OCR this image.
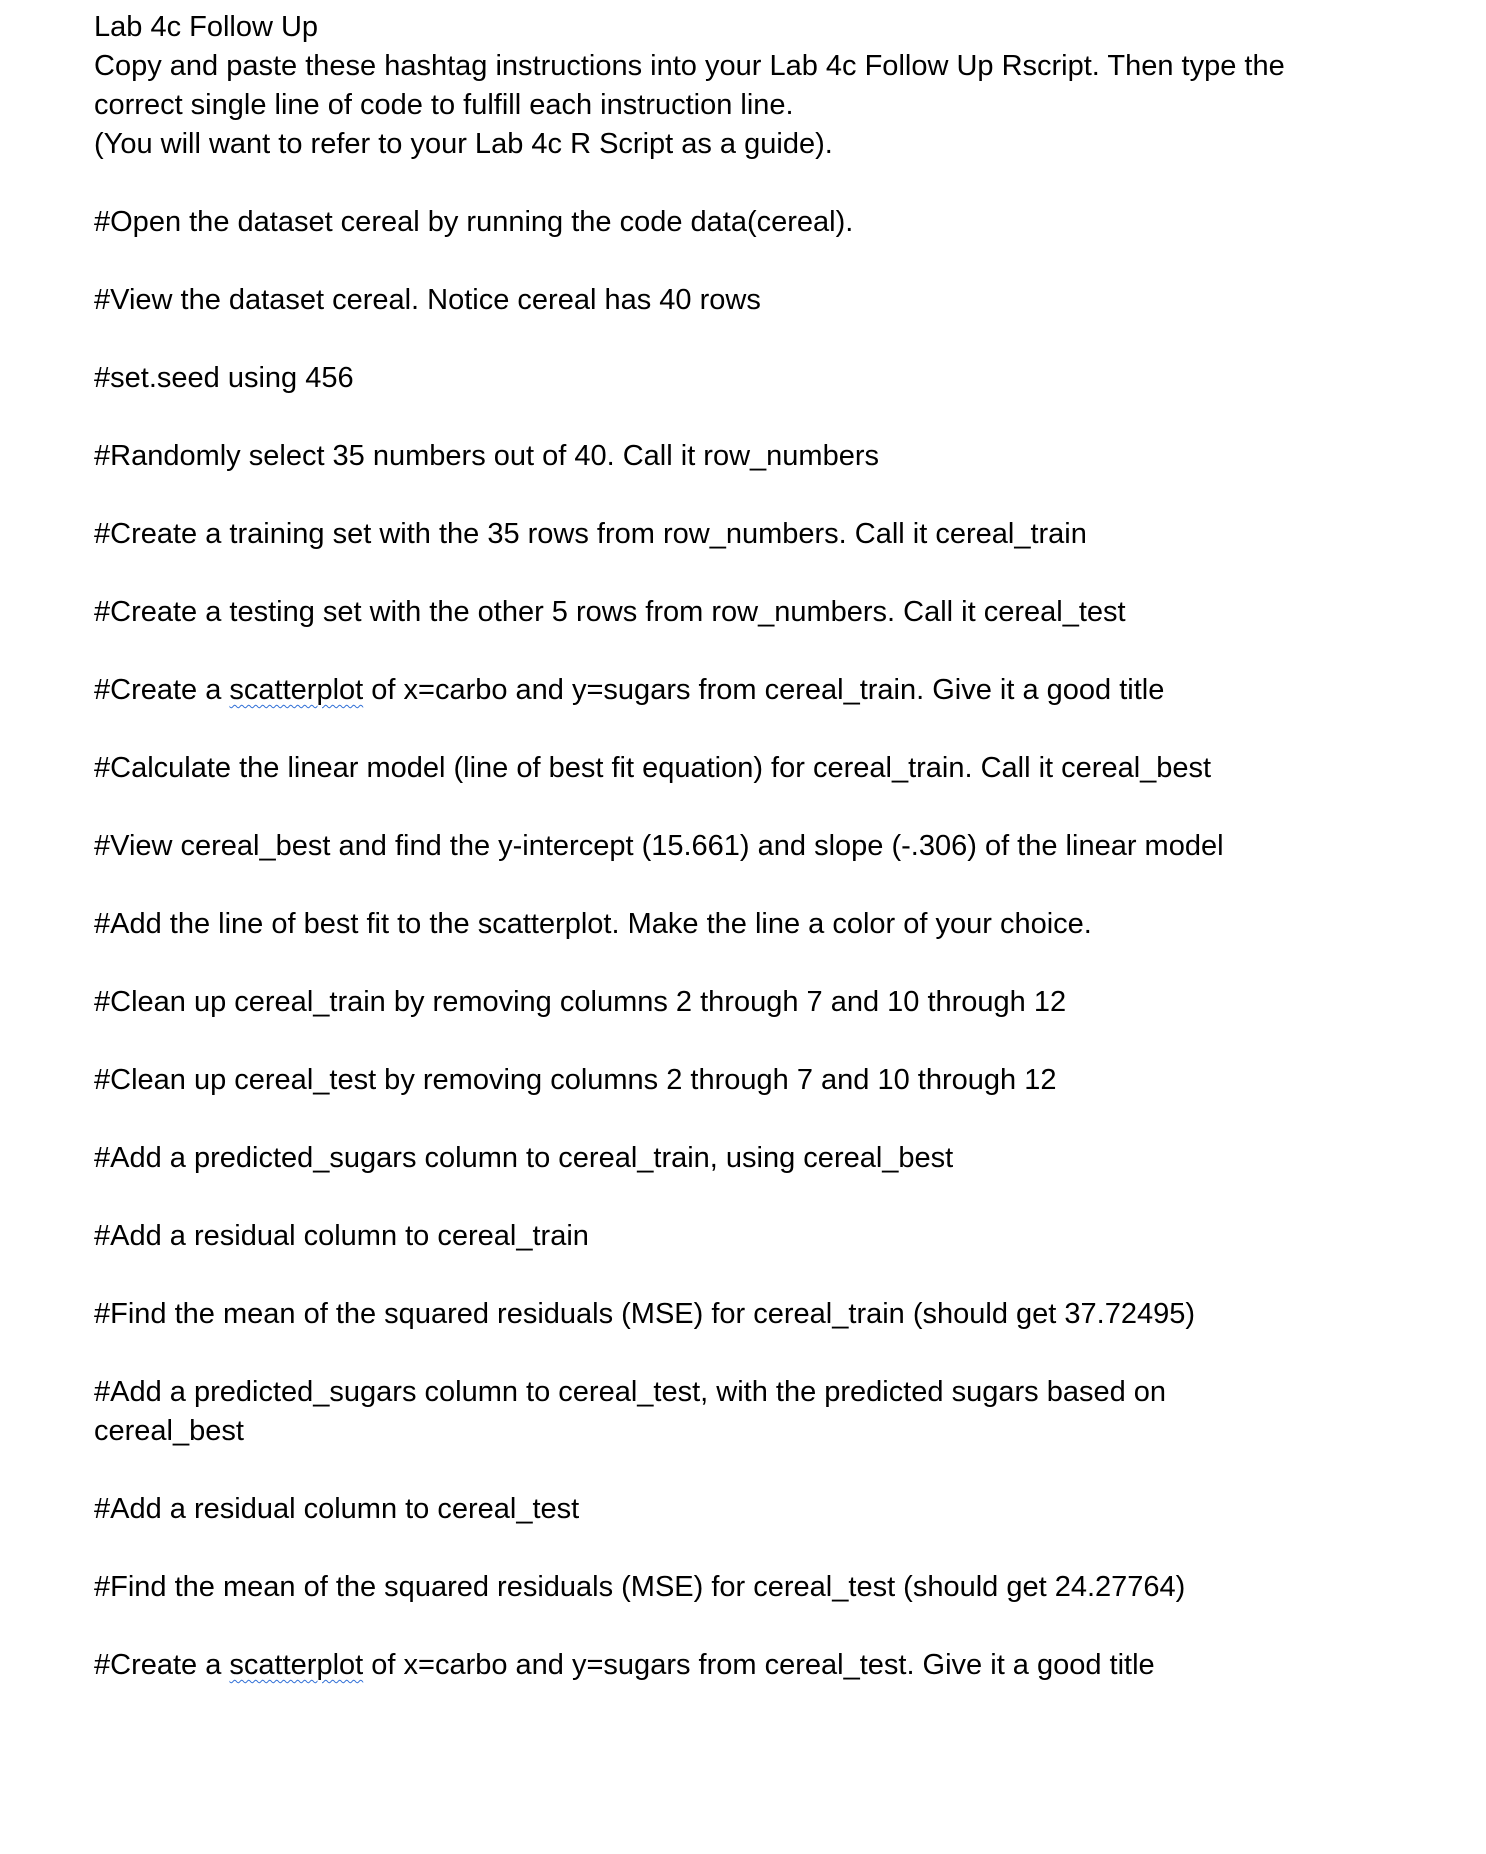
Lab 4c Follow Up
Copy and paste these hashtag instructions into your Lab 4c Follow Up Rscript. Then type the
correct single line of code to fulfill each instruction line.
(You will want to refer to your Lab 4c R Script as a guide).
#Open the dataset cereal by running the code data(cereal).
#View the dataset cereal. Notice cereal has 40 rows
#set.seed using 456
#Randomly select 35 numbers out of 40. Call it row_numbers
#Create a training set with the 35 rows from row_numbers. Call it cereal_train
#Create a testing set with the other 5 rows from row_numbers. Call it cereal_test
#Create a scatterplot of x=carbo and y=sugars from cereal_train. Give it a good title
#Calculate the linear model (line of best fit equation) for cereal_train. Call it cereal_best
#View cereal_best and find the y-intercept (15.661) and slope (-.306) of the linear model
#Add the line of best fit to the scatterplot. Make the line a color of your choice.
#Clean up cereal_train by removing columns 2 through 7 and 10 through 12
#Clean up cereal_test by removing columns 2 through 7 and 10 through 12
#Add a predicted_sugars column to cereal_train, using cereal_best
#Add a residual column to cereal_train
#Find the mean of the squared residuals (MSE) for cereal_train (should get 37.72495)
#Add a predicted_sugars column to cereal_test, with the predicted sugars based on cereal_best
#Add a residual column to cereal_test
#Find the mean of the squared residuals (MSE) for cereal_test (should get 24.27764)
#Create a scatterplot of x=carbo and y=sugars from cereal_test. Give it a good title
